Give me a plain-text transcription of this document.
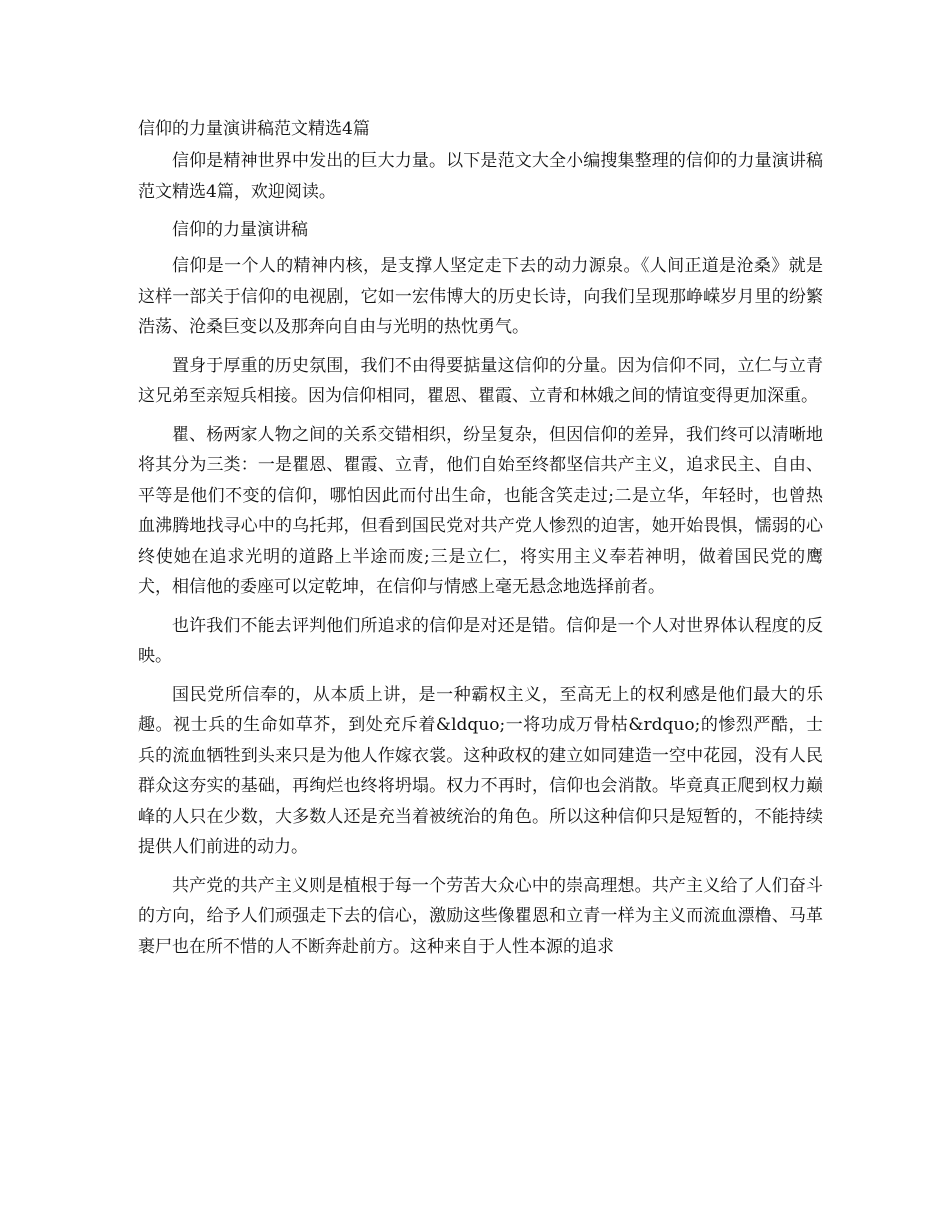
信仰的力量演讲稿范文精选4篇

信仰是精神世界中发出的巨大力量。以下是范文大全小编搜集整理的信仰的力量演讲稿范文精选4篇，欢迎阅读。

信仰的力量演讲稿

信仰是一个人的精神内核，是支撑人坚定走下去的动力源泉。《人间正道是沧桑》就是这样一部关于信仰的电视剧，它如一宏伟博大的历史长诗，向我们呈现那峥嵘岁月里的纷繁浩荡、沧桑巨变以及那奔向自由与光明的热忱勇气。

置身于厚重的历史氛围，我们不由得要掂量这信仰的分量。因为信仰不同，立仁与立青这兄弟至亲短兵相接。因为信仰相同，瞿恩、瞿霞、立青和林娥之间的情谊变得更加深重。

瞿、杨两家人物之间的关系交错相织，纷呈复杂，但因信仰的差异，我们终可以清晰地将其分为三类：一是瞿恩、瞿霞、立青，他们自始至终都坚信共产主义，追求民主、自由、平等是他们不变的信仰，哪怕因此而付出生命，也能含笑走过;二是立华，年轻时，也曾热血沸腾地找寻心中的乌托邦，但看到国民党对共产党人惨烈的迫害，她开始畏惧，懦弱的心终使她在追求光明的道路上半途而废;三是立仁，将实用主义奉若神明，做着国民党的鹰犬，相信他的委座可以定乾坤，在信仰与情感上毫无悬念地选择前者。

也许我们不能去评判他们所追求的信仰是对还是错。信仰是一个人对世界体认程度的反映。

国民党所信奉的，从本质上讲，是一种霸权主义，至高无上的权利感是他们最大的乐趣。视士兵的生命如草芥，到处充斥着&ldquo;一将功成万骨枯&rdquo;的惨烈严酷，士兵的流血牺牲到头来只是为他人作嫁衣裳。这种政权的建立如同建造一空中花园，没有人民群众这夯实的基础，再绚烂也终将坍塌。权力不再时，信仰也会消散。毕竟真正爬到权力巅峰的人只在少数，大多数人还是充当着被统治的角色。所以这种信仰只是短暂的，不能持续提供人们前进的动力。

共产党的共产主义则是植根于每一个劳苦大众心中的崇高理想。共产主义给了人们奋斗的方向，给予人们顽强走下去的信心，激励这些像瞿恩和立青一样为主义而流血漂橹、马革裹尸也在所不惜的人不断奔赴前方。这种来自于人性本源的追求
